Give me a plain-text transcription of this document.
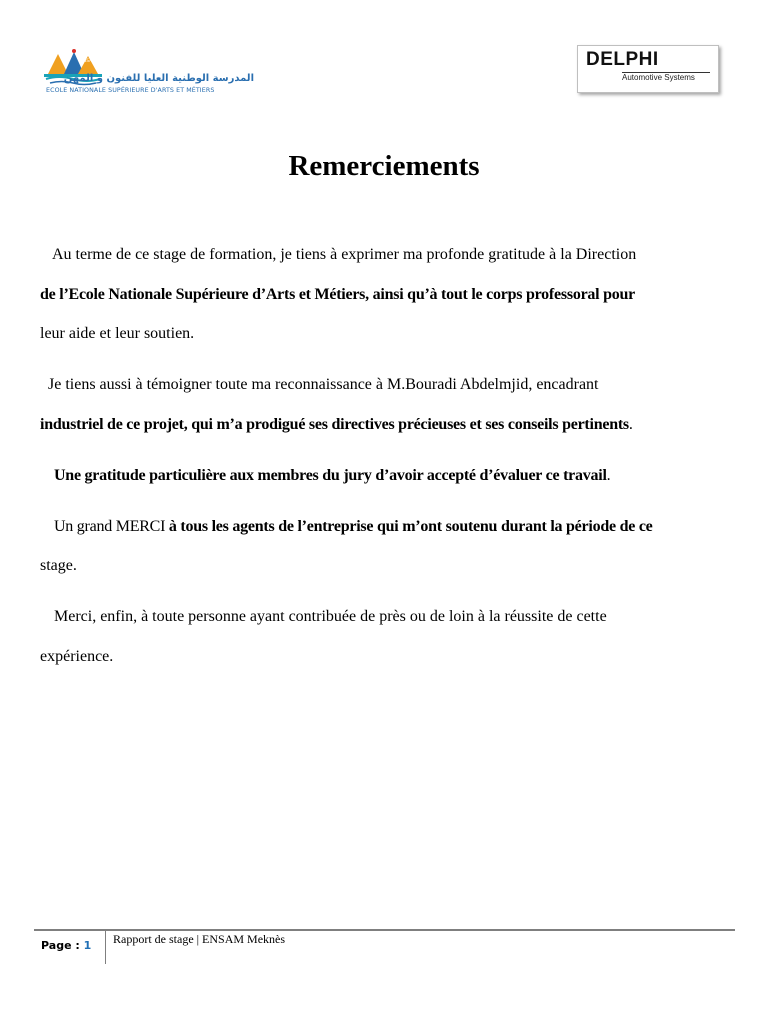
ENSAM
المدرسة الوطنية العليا للفنون و المهن
ECOLE NATIONALE SUPÉRIEURE D'ARTS ET MÉTIERS
DELPHI
Automotive Systems
Remerciements

Au terme de ce stage de formation, je tiens à exprimer ma profonde gratitude à la Direction

de l’Ecole Nationale Supérieure d’Arts et Métiers, ainsi qu’à tout le corps professoral pour

leur aide et leur soutien.

Je tiens aussi à témoigner toute ma reconnaissance à M.Bouradi Abdelmjid, encadrant

industriel de ce projet, qui m’a prodigué ses directives précieuses et ses conseils pertinents.

Une gratitude particulière aux membres du jury d’avoir accepté d’évaluer ce travail.

Un grand MERCI à tous les agents de l’entreprise qui m’ont soutenu durant la période de ce

stage.

Merci, enfin, à toute personne ayant contribuée de près ou de loin à la réussite de cette

expérience.

Page : 1 Rapport de stage | ENSAM Meknès
